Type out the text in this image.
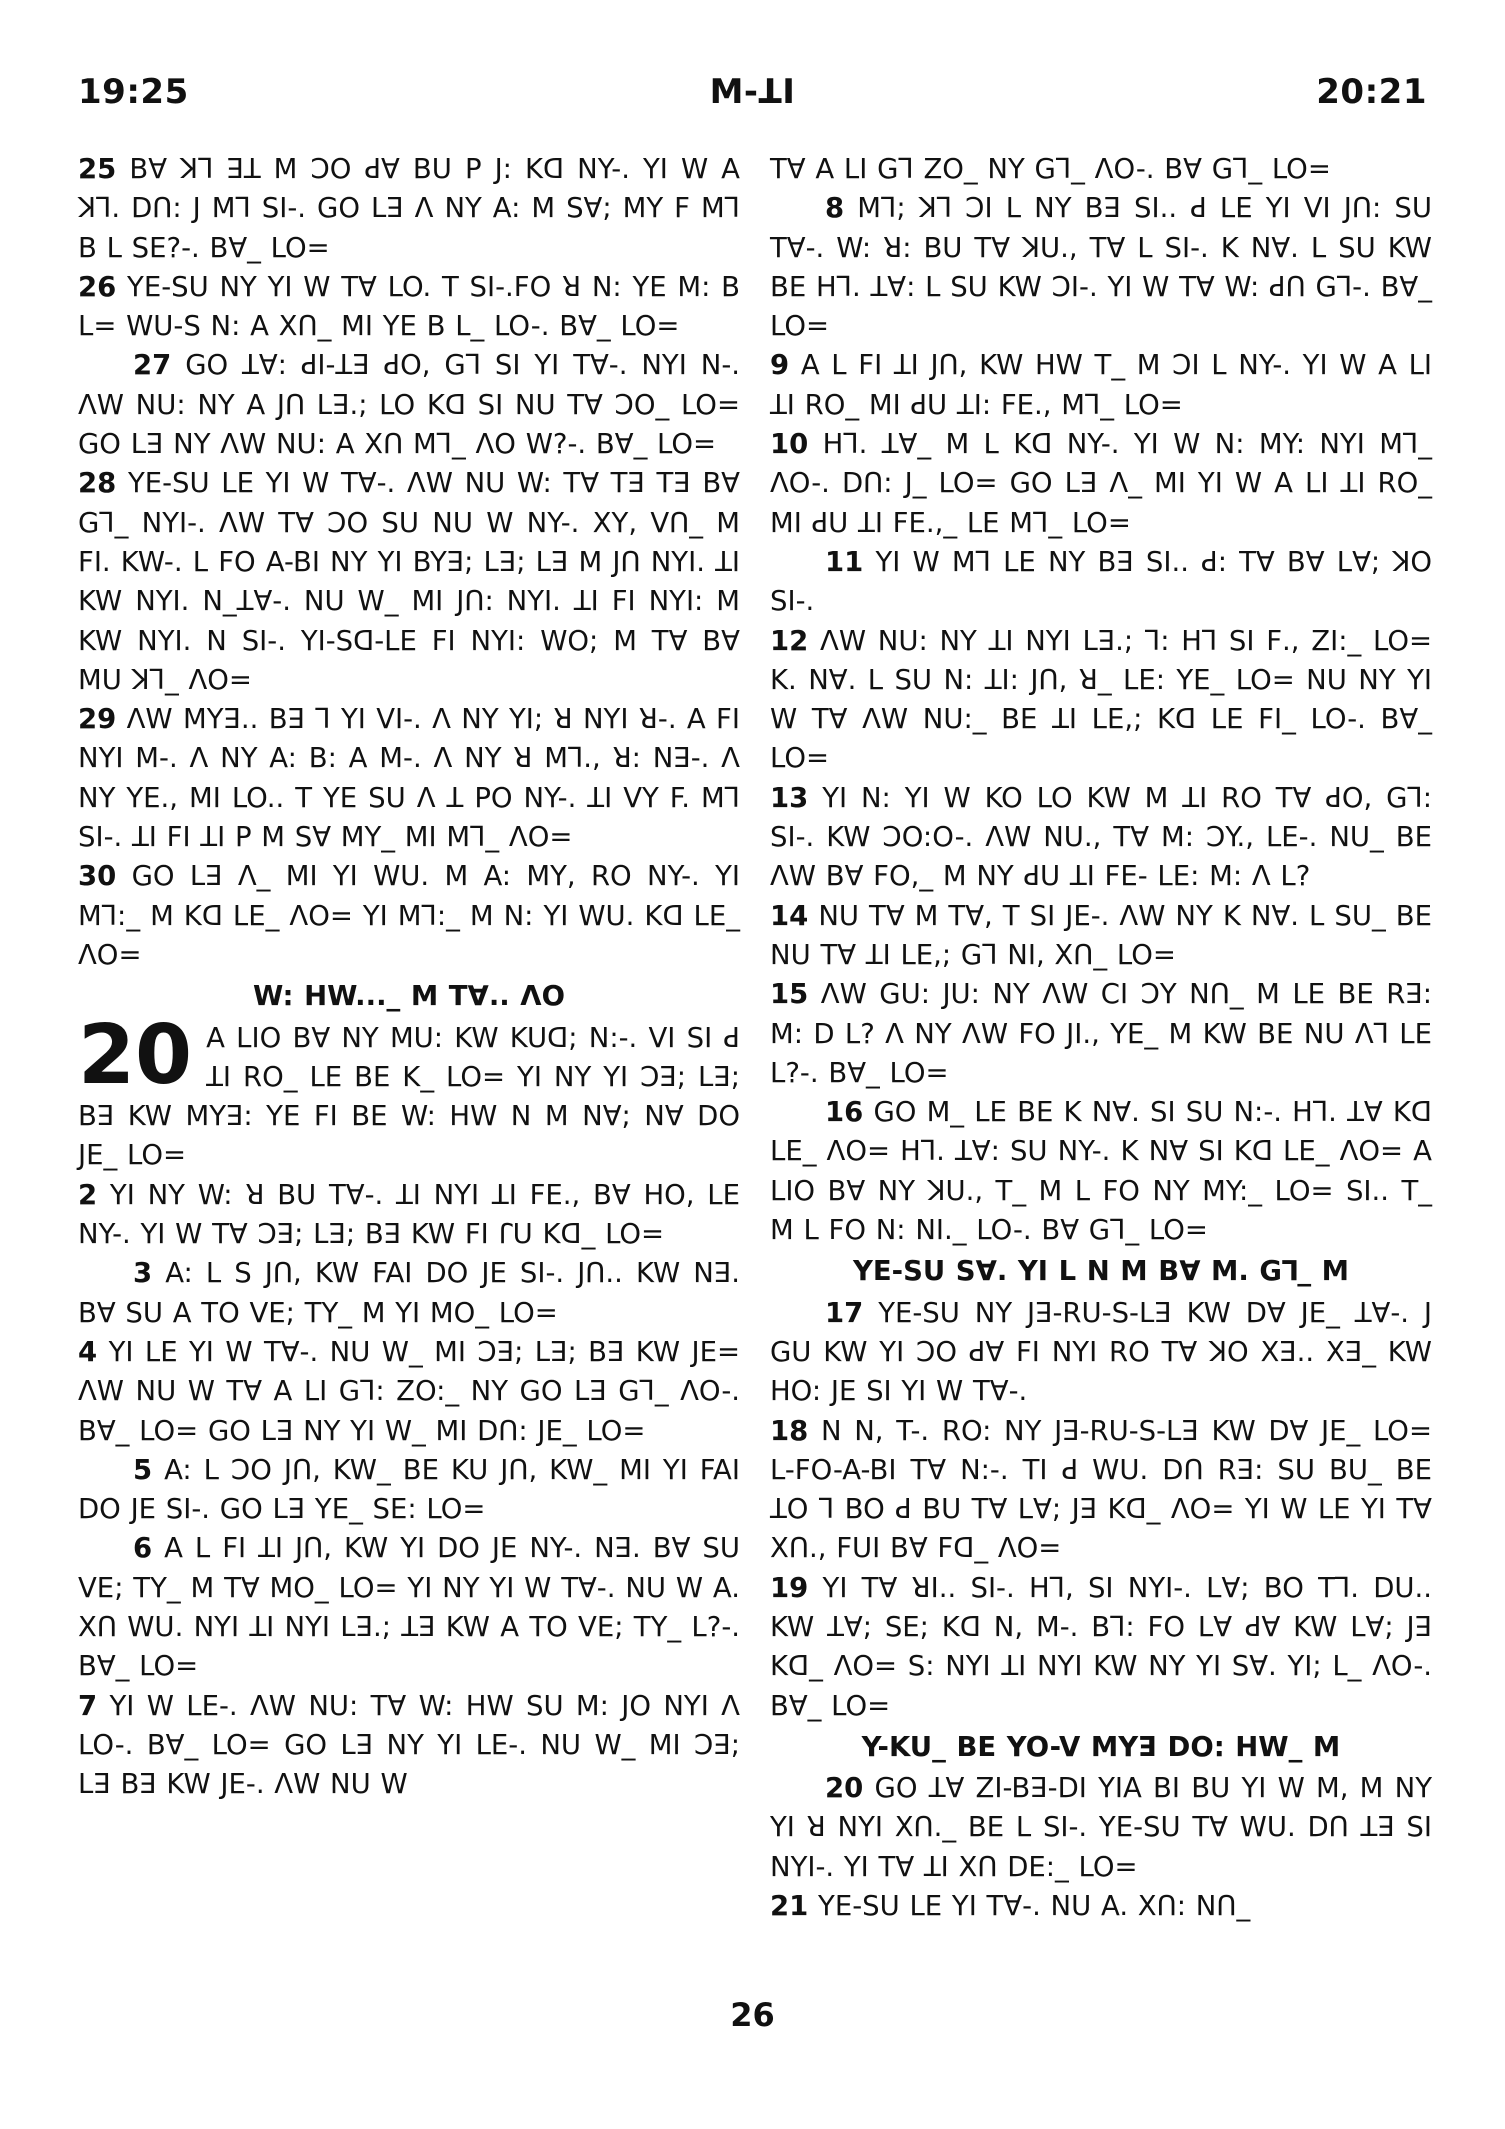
19:25	M-ꓕI	20:21

25 Bꓯ ꓘꓶ ꓱꓕ M ꓛO ꓒꓯ BU P J: Kꓷ NY-. YI W A ꓘꓶ. Dꓵ: J Mꓶ SI-. GO ꓡꓱ ꓥ NY A: M Sꓯ; MY F Mꓶ B L SE?-. Bꓯ_ LO=

26 YE-SU NY YI W Tꓯ LO. T SI-.ꓝO ꓤ N: YE M: B L= WU-S N: A Xꓵ_ MI YE B L_ LO-. Bꓯ_ LO=

27 GO ꓕꓯ: ꓒI-ꓕꓱ ꓒO, Gꓶ SI YI Tꓯ-. NYI N-. ꓥW NU: NY A Jꓵ ꓡꓱ.; LO Kꓷ SI NU Tꓯ ꓛO_ LO= GO ꓡꓱ NY ꓥW NU: A Xꓵ Mꓶ_ ꓥO W?-. Bꓯ_ LO=

28 YE-SU LE YI W Tꓯ-. ꓥW NU W: Tꓯ Tꓱ Tꓱ Bꓯ Gꓶ_ NYI-. ꓥW Tꓯ ꓛO SU NU W NY-. XY, Vꓵ_ M FI. KW-. L ꓝO A-BI NY YI BYꓱ; ꓡꓱ; ꓡꓱ M Jꓵ NYI. ꓕI KW NYI. N_ꓕꓯ-. NU W_ MI Jꓵ: NYI. ꓕI ꓝI NYI: M KW NYI. N SI-. YI-Sꓷ-LE ꓝI NYI: WO; M Tꓯ Bꓯ MU ꓘꓶ_ ꓥO=

29 ꓥW MYꓱ.. Bꓱ ꓶ YI VI-. ꓥ NY YI; ꓤ NYI ꓤ-. A FI NYI M-. ꓥ NY A: B: A M-. ꓥ NY ꓤ Mꓶ., ꓤ: Nꓱ-. ꓥ NY YE., MI LO.. T YE SU ꓥ ꓕ PO NY-. ꓕI VY F. Mꓶ SI-. ꓕI ꓝI ꓕI P M Sꓯ MY_ MI Mꓶ_ ꓥO=

30 GO ꓡꓱ ꓥ_ MI YI WU. M A: MY, RO NY-. YI Mꓶ:_ M Kꓷ LE_ ꓥO= YI Mꓶ:_ M N: YI WU. Kꓷ LE_ ꓥO=

W: HW..._ M Tꓯ.. ꓥO
20 A LIO Bꓯ NY MU: KW KUꓷ; N:-. VI SI ꓒ ꓕI RO_ LE BE K_ LO= YI NY YI ꓛꓱ; ꓡꓱ; Bꓱ KW MYꓱ: YE FI BE W: HW N M Nꓯ; Nꓯ DO JE_ LO=

2 YI NY W: ꓤ BU Tꓯ-. ꓕI NYI ꓕI ꓝE., Bꓯ HO, LE NY-. YI W Tꓯ ꓛꓱ; ꓡꓱ; Bꓱ KW FI ꓩU Kꓷ_ LO=

3 A: L S Jꓵ, KW FAI DO JE SI-. Jꓵ.. KW Nꓱ. Bꓯ SU A TO VE; TY_ M YI MO_ LO=

4 YI LE YI W Tꓯ-. NU W_ MI ꓛꓱ; ꓡꓱ; Bꓱ KW JE= ꓥW NU W Tꓯ A LI Gꓶ: ZO:_ NY GO ꓡꓱ Gꓶ_ ꓥO-. Bꓯ_ LO= GO ꓡꓱ NY YI W_ MI Dꓵ: JE_ LO=

5 A: L ꓛO Jꓵ, KW_ BE KU Jꓵ, KW_ MI YI FAI DO JE SI-. GO ꓡꓱ YE_ SE: LO=

6 A L ꓝI ꓕI Jꓵ, KW YI DO JE NY-. Nꓱ. Bꓯ SU VE; TY_ M Tꓯ MO_ LO= YI NY YI W Tꓯ-. NU W A. Xꓵ WU. NYI ꓕI NYI ꓡꓱ.; ꓕꓱ KW A TO VE; TY_ L?-. Bꓯ_ LO=

7 YI W LE-. ꓥW NU: Tꓯ W: HW SU M: JO NYI ꓥ LO-. Bꓯ_ LO= GO ꓡꓱ NY YI LE-. NU W_ MI ꓛꓱ; ꓡꓱ Bꓱ KW JE-. ꓥW NU W

Tꓯ A LI Gꓶ ZO_ NY Gꓶ_ ꓥO-. Bꓯ Gꓶ_ LO=

8 Mꓶ; ꓘꓶ ꓛI L NY Bꓱ SI.. ꓒ LE YI VI Jꓵ: SU Tꓯ-. W: ꓤ: BU Tꓯ ꓘU., Tꓯ L SI-. K Nꓯ. L SU KW BE Hꓶ. ꓕꓯ: L SU KW ꓛI-. YI W Tꓯ W: ꓒꓵ Gꓶ-. Bꓯ_ LO=

9 A L ꓝI ꓕI Jꓵ, KW HW T_ M ꓛI L NY-. YI W A LI ꓕI RO_ MI ꓒU ꓕI: ꓝE., Mꓶ_ LO=

10 Hꓶ. ꓕꓯ_ M L Kꓷ NY-. YI W N: MY: NYI Mꓶ_ ꓥO-. Dꓵ: J_ LO= GO ꓡꓱ ꓥ_ MI YI W A LI ꓕI RO_ MI ꓒU ꓕI ꓝE.,_ LE Mꓶ_ LO=

11 YI W Mꓶ LE NY Bꓱ SI.. ꓒ: Tꓯ Bꓯ Lꓯ; ꓘO SI-.

12 ꓥW NU: NY ꓕI NYI ꓡꓱ.; ꓶ: Hꓶ SI ꓝ., ZI:_ LO= K. Nꓯ. L SU N: ꓕI: Jꓵ, ꓤ_ LE: YE_ LO= NU NY YI W Tꓯ ꓥW NU:_ BE ꓕI LE,; Kꓷ LE FI_ LO-. Bꓯ_ LO=

13 YI N: YI W KO LO KW M ꓕI RO Tꓯ ꓒO, Gꓶ: SI-. KW ꓛO:O-. ꓥW NU., Tꓯ M: ꓛY., LE-. NU_ BE ꓥW Bꓯ ꓝO,_ M NY ꓒU ꓕI ꓝE- LE: M: ꓥ L?

14 NU Tꓯ M Tꓯ, T SI JE-. ꓥW NY K Nꓯ. L SU_ BE NU Tꓯ ꓕI LE,; Gꓶ NI, Xꓵ_ LO=

15 ꓥW GU: JU: NY ꓥW CI ꓛY Nꓵ_ M LE BE Rꓱ: M: D L? ꓥ NY ꓥW ꓝO JI., YE_ M KW BE NU ꓥꓶ LE L?-. Bꓯ_ LO=

16 GO M_ LE BE K Nꓯ. SI SU N:-. Hꓶ. ꓕꓯ Kꓷ LE_ ꓥO= Hꓶ. ꓕꓯ: SU NY-. K Nꓯ SI Kꓷ LE_ ꓥO= A LIO Bꓯ NY ꓘU., T_ M L ꓝO NY MY:_ LO= SI.. T_ M L ꓝO N: NI._ LO-. Bꓯ Gꓶ_ LO=

YE-SU Sꓯ. YI L N M Bꓯ M. Gꓶ_ M

17 YE-SU NY Jꓱ-RU-S-ꓡꓱ KW Dꓯ JE_ ꓕꓯ-. J GU KW YI ꓛO ꓒꓯ ꓝI NYI RO Tꓯ ꓘO Xꓱ.. Xꓱ_ KW HO: JE SI YI W Tꓯ-.

18 N N, T-. RO: NY Jꓱ-RU-S-ꓡꓱ KW Dꓯ JE_ LO= L-ꓝO-A-BI Tꓯ N:-. TI ꓒ WU. Dꓵ Rꓱ: SU BU_ BE ꓕO ꓶ BO ꓒ BU Tꓯ Lꓯ; Jꓱ Kꓷ_ ꓥO= YI W LE YI Tꓯ Xꓵ., FUI Bꓯ ꓝꓷ_ ꓥO=

19 YI Tꓯ ꓤI.. SI-. Hꓶ, SI NYI-. Lꓯ; BO Tꓶ. DU.. KW ꓕꓯ; SE; Kꓷ N, M-. Bꓶ: ꓝO Lꓯ ꓒꓯ KW Lꓯ; Jꓱ Kꓷ_ ꓥO= S: NYI ꓕI NYI KW NY YI Sꓯ. YI; L_ ꓥO-. Bꓯ_ LO=

Y-KU_ BE YO-V MYꓱ DO: HW_ M

20 GO ꓕꓯ ZI-Bꓱ-DI YIA BI BU YI W M, M NY YI ꓤ NYI Xꓵ._ BE L SI-. YE-SU Tꓯ WU. Dꓵ ꓕꓱ SI NYI-. YI Tꓯ ꓕI Xꓵ DE:_ LO=

21 YE-SU LE YI Tꓯ-. NU A. Xꓵ: Nꓵ_

26
